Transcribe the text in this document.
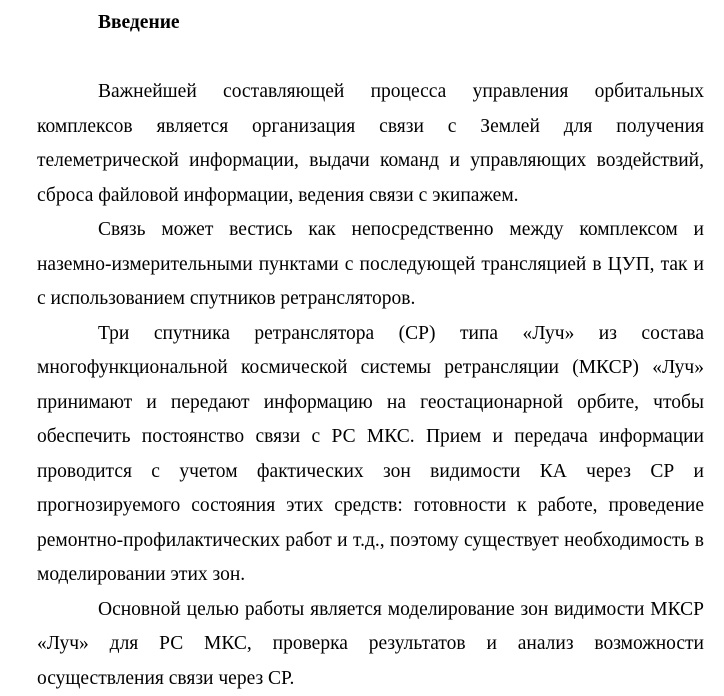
Введение

Важнейшей составляющей процесса управления орбитальных комплексов является организация связи с Землей для получения телеметрической информации, выдачи команд и управляющих воздействий, сброса файловой информации, ведения связи с экипажем.

Связь может вестись как непосредственно между комплексом и наземно-измерительными пунктами с последующей трансляцией в ЦУП, так и с использованием спутников ретрансляторов.

Три спутника ретранслятора (СР) типа «Луч» из состава многофункциональной космической системы ретрансляции (МКСР) «Луч» принимают и передают информацию на геостационарной орбите, чтобы обеспечить постоянство связи с РС МКС. Прием и передача информации проводится с учетом фактических зон видимости КА через СР и прогнозируемого состояния этих средств: готовности к работе, проведение ремонтно-профилактических работ и т.д., поэтому существует необходимость в моделировании этих зон.

Основной целью работы является моделирование зон видимости МКСР «Луч» для РС МКС, проверка результатов и анализ возможности осуществления связи через СР.
